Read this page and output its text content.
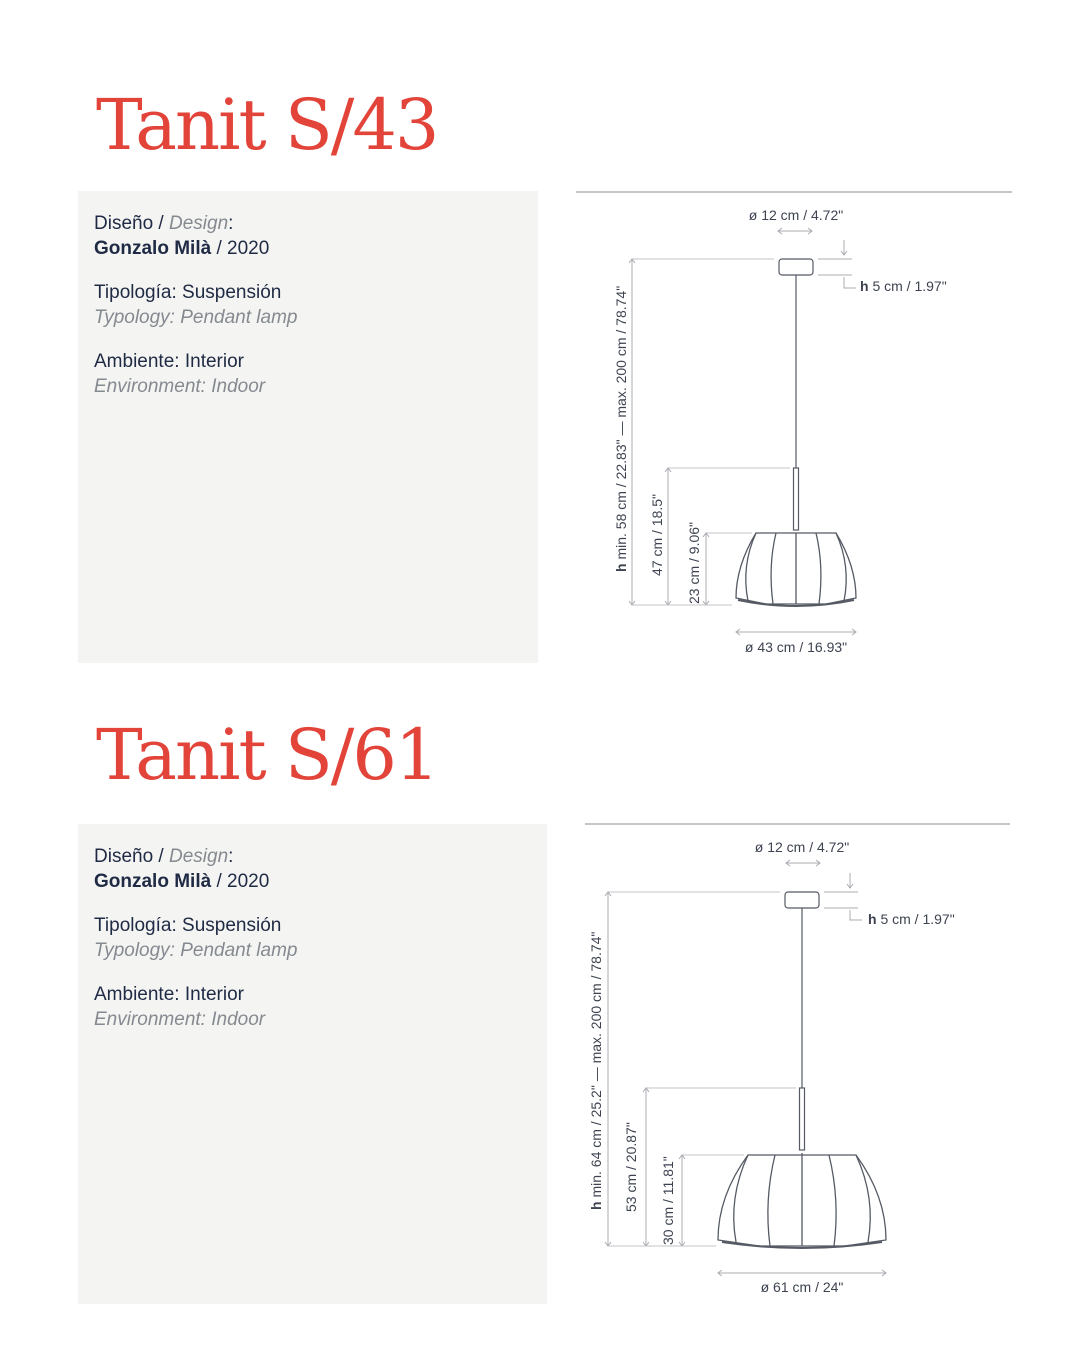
Tanit S/43
Diseño / Design:
Gonzalo Milà / 2020
Tipología: Suspensión
Typology: Pendant lamp
Ambiente: Interior
Environment: Indoor
ø 12 cm / 4.72"
h 5 cm / 1.97"
h min. 58 cm / 22.83" — max. 200 cm / 78.74" 47 cm / 18.5" 23 cm / 9.06"
ø 43 cm / 16.93"
Tanit S/61
Diseño / Design:
Gonzalo Milà / 2020
Tipología: Suspensión
Typology: Pendant lamp
Ambiente: Interior
Environment: Indoor
ø 12 cm / 4.72"
h 5 cm / 1.97"
h min. 64 cm / 25.2" — max. 200 cm / 78.74" 53 cm / 20.87" 30 cm / 11.81"
ø 61 cm / 24"
